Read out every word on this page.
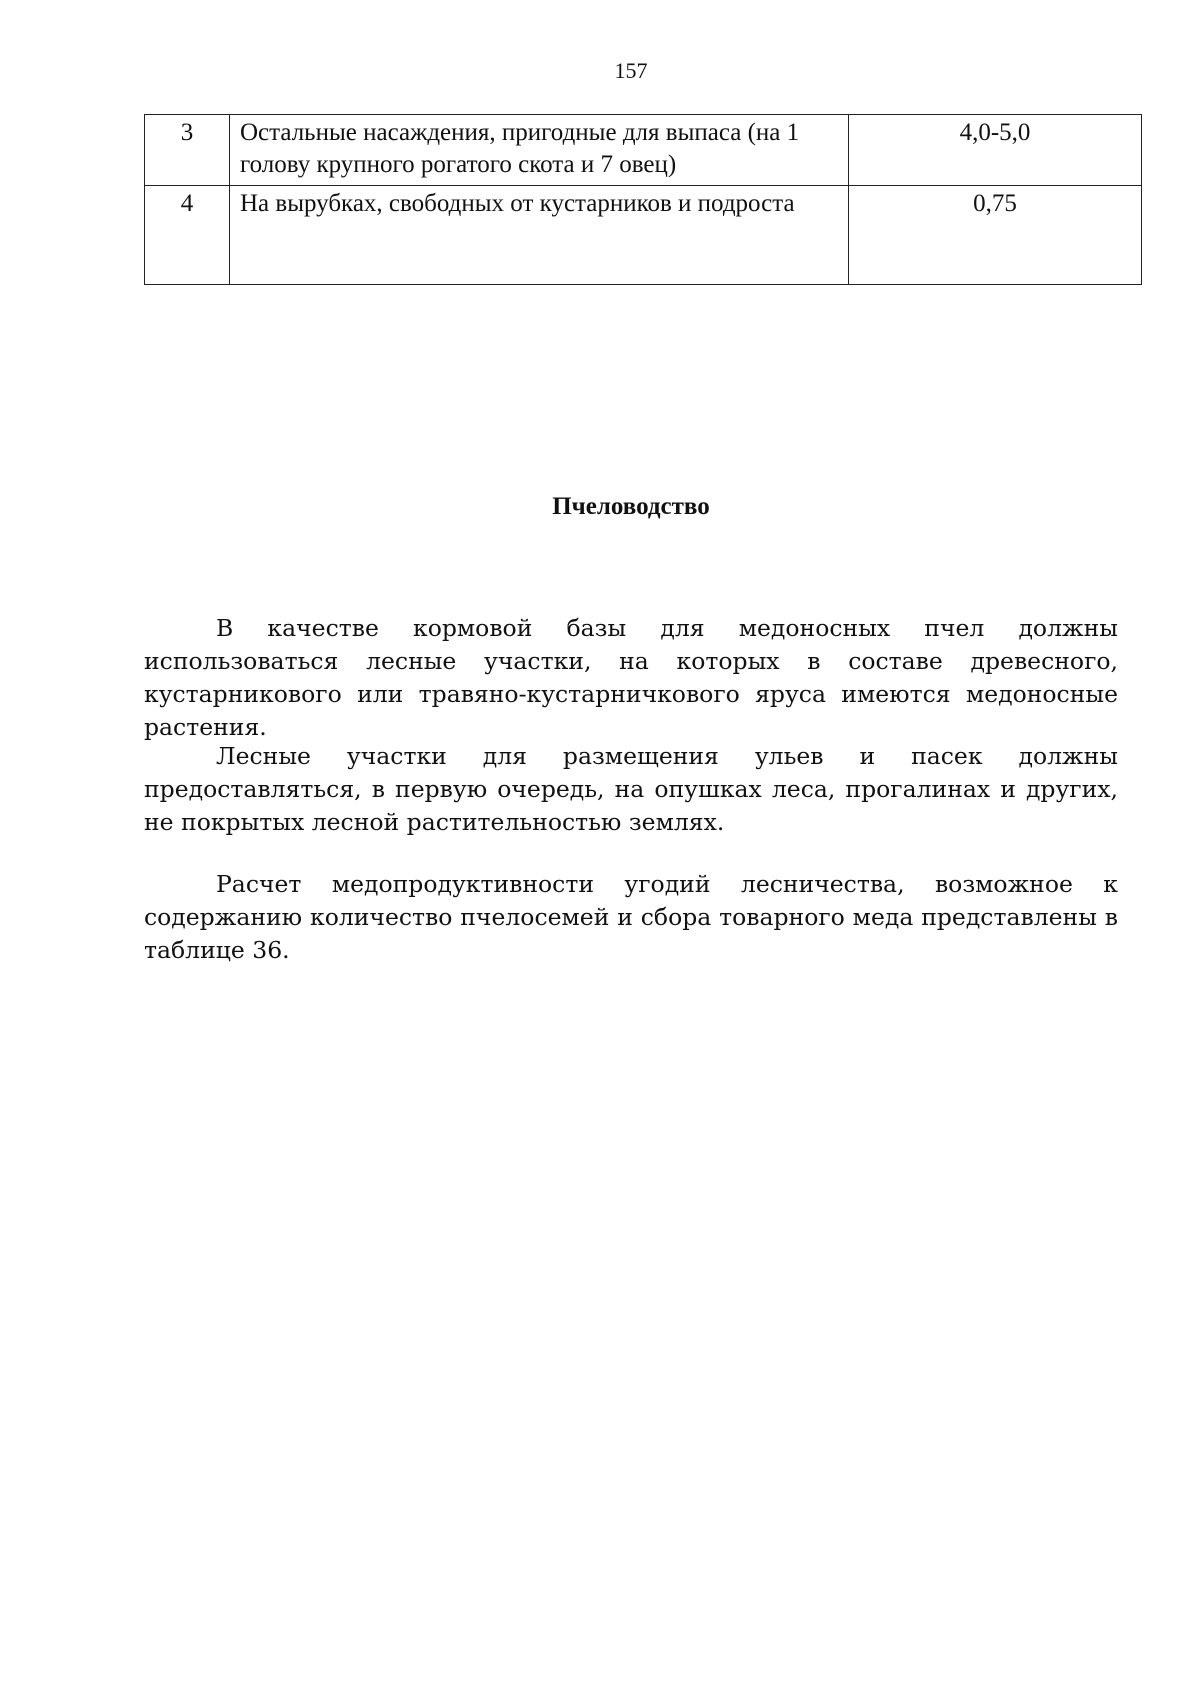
157
3	Остальные насаждения, пригодные для выпаса (на 1 голову крупного рогатого скота и 7 овец)	4,0-5,0
4	На вырубках, свободных от кустарников и подроста	0,75
Пчеловодство

В качестве кормовой базы для медоносных пчел должны использоваться лесные участки, на которых в составе древесного, кустарникового или травяно-кустарничкового яруса имеются медоносные растения.

Лесные участки для размещения ульев и пасек должны предоставляться, в первую очередь, на опушках леса, прогалинах и других, не покрытых лесной растительностью землях.

Расчет медопродуктивности угодий лесничества, возможное к содержанию количество пчелосемей и сбора товарного меда представлены в таблице 36.
